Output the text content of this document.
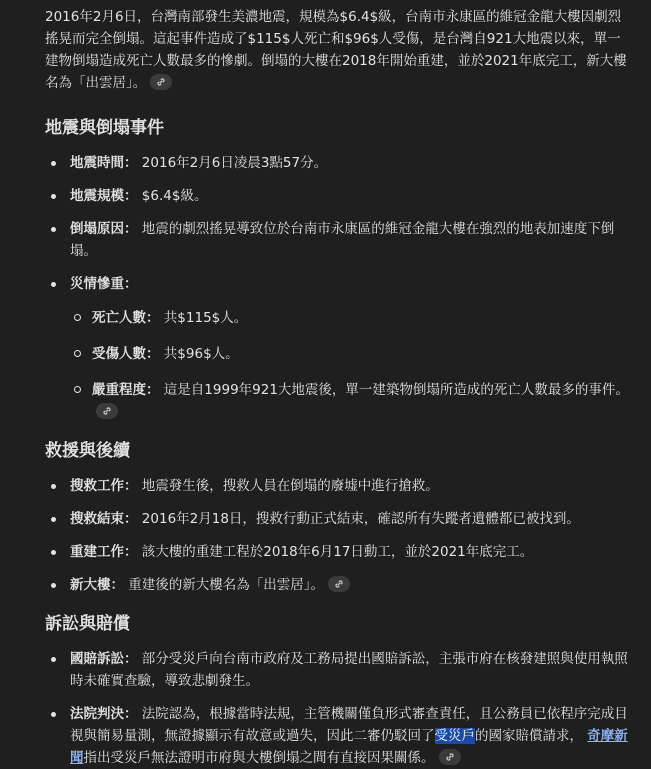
2016年2月6日，台灣南部發生美濃地震，規模為$6.4$級，台南市永康區的維冠金龍大樓因劇烈搖晃而完全倒塌。這起事件造成了$115$人死亡和$96$人受傷，是台灣自921大地震以來，單一建物倒塌造成死亡人數最多的慘劇。倒塌的大樓在2018年開始重建，並於2021年底完工，新大樓名為「出雲居」。

地震與倒塌事件
地震時間： 2016年2月6日凌晨3點57分。
地震規模： $6.4$級。
倒塌原因： 地震的劇烈搖晃導致位於台南市永康區的維冠金龍大樓在強烈的地表加速度下倒塌。
災情慘重：
死亡人數： 共$115$人。
受傷人數： 共$96$人。
嚴重程度： 這是自1999年921大地震後，單一建築物倒塌所造成的死亡人數最多的事件。
救援與後續
搜救工作： 地震發生後，搜救人員在倒塌的廢墟中進行搶救。
搜救結束： 2016年2月18日，搜救行動正式結束，確認所有失蹤者遺體都已被找到。
重建工作： 該大樓的重建工程於2018年6月17日動工，並於2021年底完工。
新大樓： 重建後的新大樓名為「出雲居」。
訴訟與賠償
國賠訴訟： 部分受災戶向台南市政府及工務局提出國賠訴訟，主張市府在核發建照與使用執照時未確實查驗，導致悲劇發生。
法院判決： 法院認為，根據當時法規，主管機關僅負形式審查責任，且公務員已依程序完成目視與簡易量測，無證據顯示有故意或過失，因此二審仍駁回了受災戶的國家賠償請求， 奇摩新聞指出受災戶無法證明市府與大樓倒塌之間有直接因果關係。
